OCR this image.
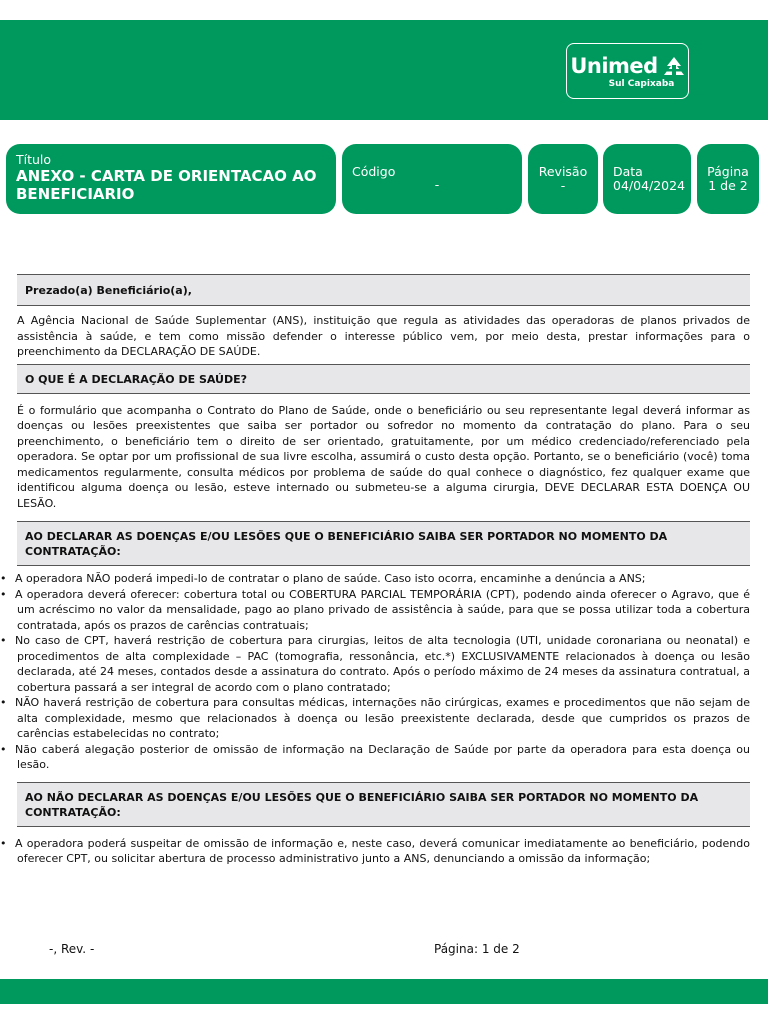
Unimed
Sul Capixaba
Título
ANEXO - CARTA DE ORIENTACAO AO BENEFICIARIO
Código
-
Revisão
-
Data
04/04/2024
Página
1 de 2
Prezado(a) Beneficiário(a),
A Agência Nacional de Saúde Suplementar (ANS), instituição que regula as atividades das operadoras de planos privados de assistência à saúde, e tem como missão defender o interesse público vem, por meio desta, prestar informações para o preenchimento da DECLARAÇÃO DE SAÚDE.
O QUE É A DECLARAÇÃO DE SAÚDE?
É o formulário que acompanha o Contrato do Plano de Saúde, onde o beneficiário ou seu representante legal deverá informar as doenças ou lesões preexistentes que saiba ser portador ou sofredor no momento da contratação do plano. Para o seu preenchimento, o beneficiário tem o direito de ser orientado, gratuitamente, por um médico credenciado/referenciado pela operadora. Se optar por um profissional de sua livre escolha, assumirá o custo desta opção. Portanto, se o beneficiário (você) toma medicamentos regularmente, consulta médicos por problema de saúde do qual conhece o diagnóstico, fez qualquer exame que identificou alguma doença ou lesão, esteve internado ou submeteu-se a alguma cirurgia, DEVE DECLARAR ESTA DOENÇA OU LESÃO.
AO DECLARAR AS DOENÇAS E/OU LESÕES QUE O BENEFICIÁRIO SAIBA SER PORTADOR NO MOMENTO DA CONTRATAÇÃO:
• A operadora NÃO poderá impedi-lo de contratar o plano de saúde. Caso isto ocorra, encaminhe a denúncia a ANS;
• A operadora deverá oferecer: cobertura total ou COBERTURA PARCIAL TEMPORÁRIA (CPT), podendo ainda oferecer o Agravo, que é um acréscimo no valor da mensalidade, pago ao plano privado de assistência à saúde, para que se possa utilizar toda a cobertura contratada, após os prazos de carências contratuais;
• No caso de CPT, haverá restrição de cobertura para cirurgias, leitos de alta tecnologia (UTI, unidade coronariana ou neonatal) e procedimentos de alta complexidade – PAC (tomografia, ressonância, etc.*) EXCLUSIVAMENTE relacionados à doença ou lesão declarada, até 24 meses, contados desde a assinatura do contrato. Após o período máximo de 24 meses da assinatura contratual, a cobertura passará a ser integral de acordo com o plano contratado;
• NÃO haverá restrição de cobertura para consultas médicas, internações não cirúrgicas, exames e procedimentos que não sejam de alta complexidade, mesmo que relacionados à doença ou lesão preexistente declarada, desde que cumpridos os prazos de carências estabelecidas no contrato;
• Não caberá alegação posterior de omissão de informação na Declaração de Saúde por parte da operadora para esta doença ou lesão.
AO NÃO DECLARAR AS DOENÇAS E/OU LESÕES QUE O BENEFICIÁRIO SAIBA SER PORTADOR NO MOMENTO DA CONTRATAÇÃO:
• A operadora poderá suspeitar de omissão de informação e, neste caso, deverá comunicar imediatamente ao beneficiário, podendo oferecer CPT, ou solicitar abertura de processo administrativo junto a ANS, denunciando a omissão da informação;
-, Rev. -	Página: 1 de 2
